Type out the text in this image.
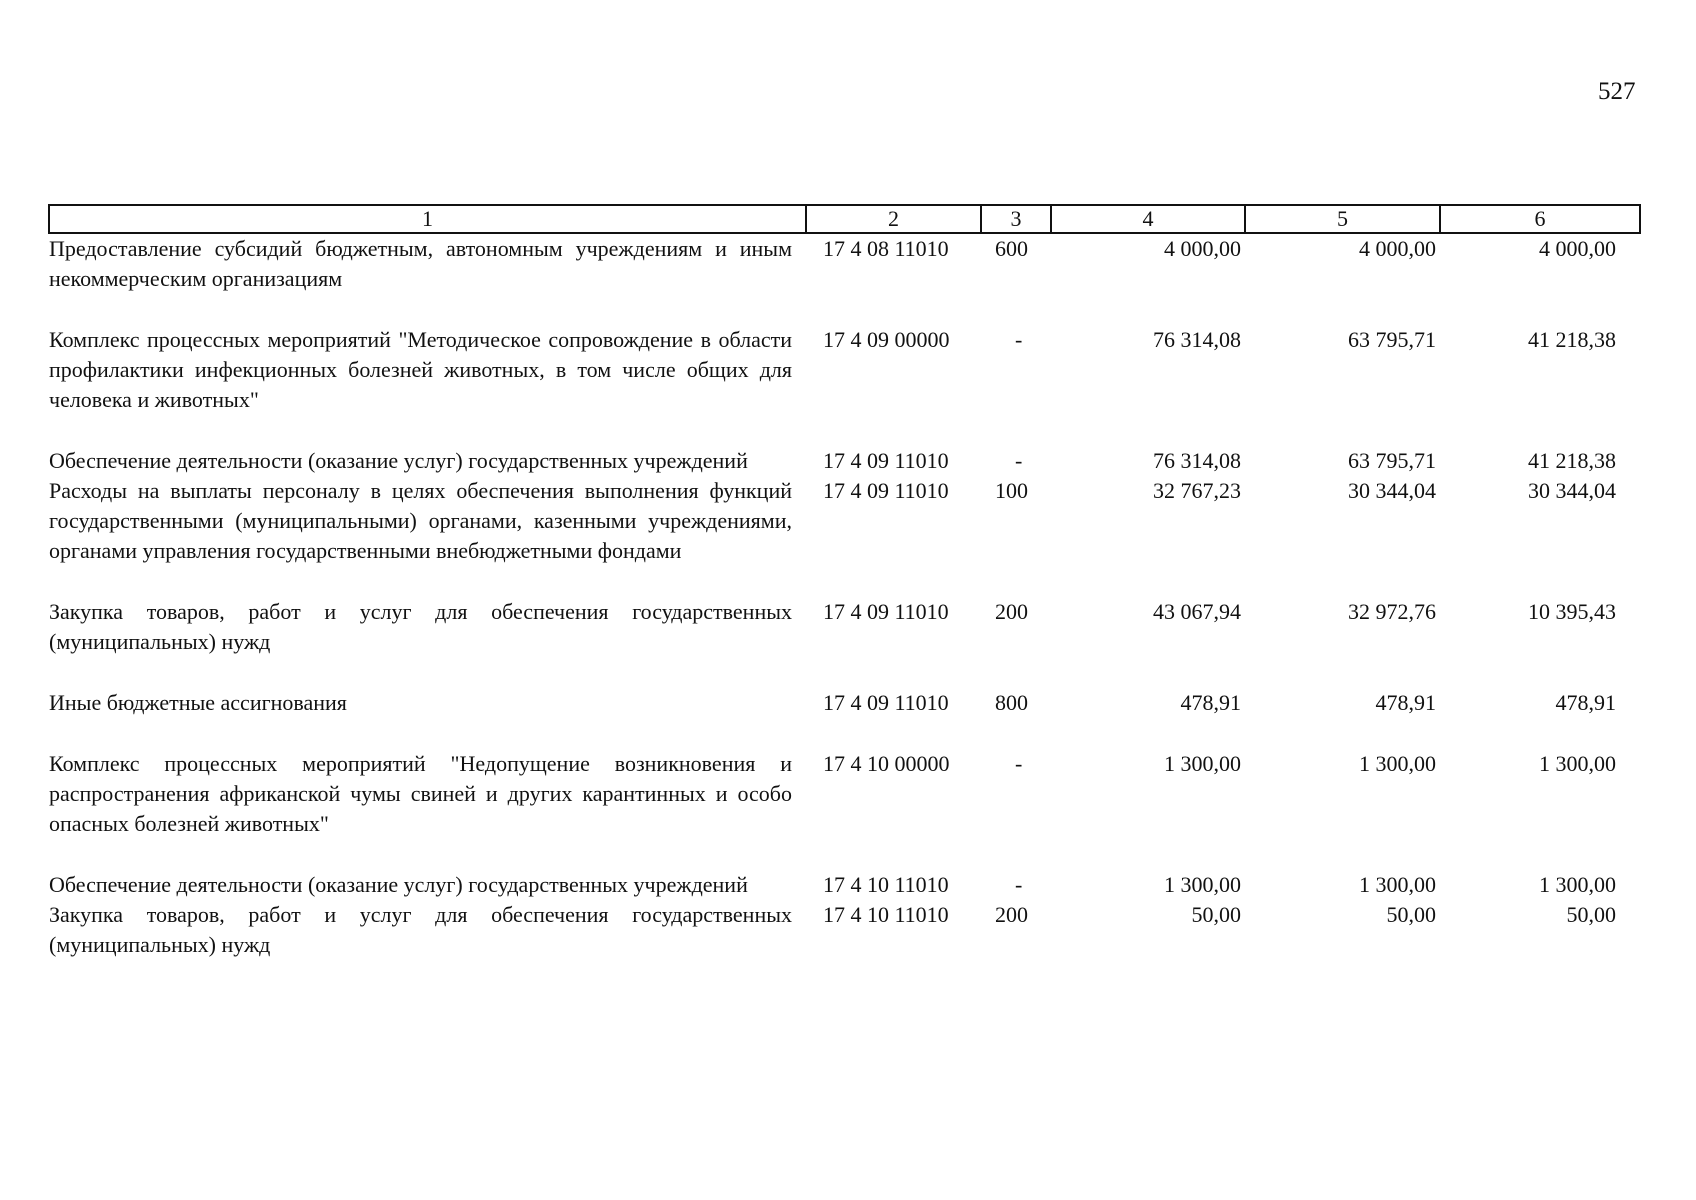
527
1	2	3	4	5	6
Предоставление субсидий бюджетным, автономным учреждениям и иным некоммерческим организациям	17 4 08 11010	600	4 000,00	4 000,00	4 000,00
Комплекс процессных мероприятий "Методическое сопровождение в области профилактики инфекционных болезней животных, в том числе общих для человека и животных"	17 4 09 00000	-	76 314,08	63 795,71	41 218,38
Обеспечение деятельности (оказание услуг) государственных учреждений	17 4 09 11010	-	76 314,08	63 795,71	41 218,38
Расходы на выплаты персоналу в целях обеспечения выполнения функций государственными (муниципальными) органами, казенными учреждениями, органами управления государственными внебюджетными фондами	17 4 09 11010	100	32 767,23	30 344,04	30 344,04
Закупка товаров, работ и услуг для обеспечения государственных (муниципальных) нужд	17 4 09 11010	200	43 067,94	32 972,76	10 395,43
Иные бюджетные ассигнования	17 4 09 11010	800	478,91	478,91	478,91
Комплекс процессных мероприятий "Недопущение возникновения и распространения африканской чумы свиней и других карантинных и особо опасных болезней животных"	17 4 10 00000	-	1 300,00	1 300,00	1 300,00
Обеспечение деятельности (оказание услуг) государственных учреждений	17 4 10 11010	-	1 300,00	1 300,00	1 300,00
Закупка товаров, работ и услуг для обеспечения государственных (муниципальных) нужд	17 4 10 11010	200	50,00	50,00	50,00
